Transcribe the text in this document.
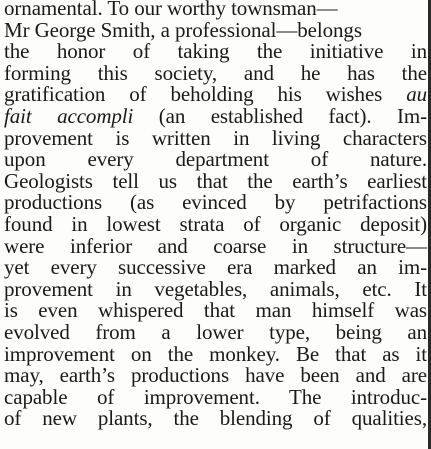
ornamental. To our worthy townsman—
Mr George Smith, a professional—belongs
the honor of taking the initiative in
forming this society, and he has the
gratification of beholding his wishes au
fait accompli (an established fact). Im-
provement is written in living characters
upon every department of nature.
Geologists tell us that the earth’s earliest
productions (as evinced by petrifactions
found in lowest strata of organic deposit)
were inferior and coarse in structure—
yet every successive era marked an im-
provement in vegetables, animals, etc. It
is even whispered that man himself was
evolved from a lower type, being an
improvement on the monkey. Be that as it
may, earth’s productions have been and are
capable of improvement. The introduc-
of new plants, the blending of qualities,
